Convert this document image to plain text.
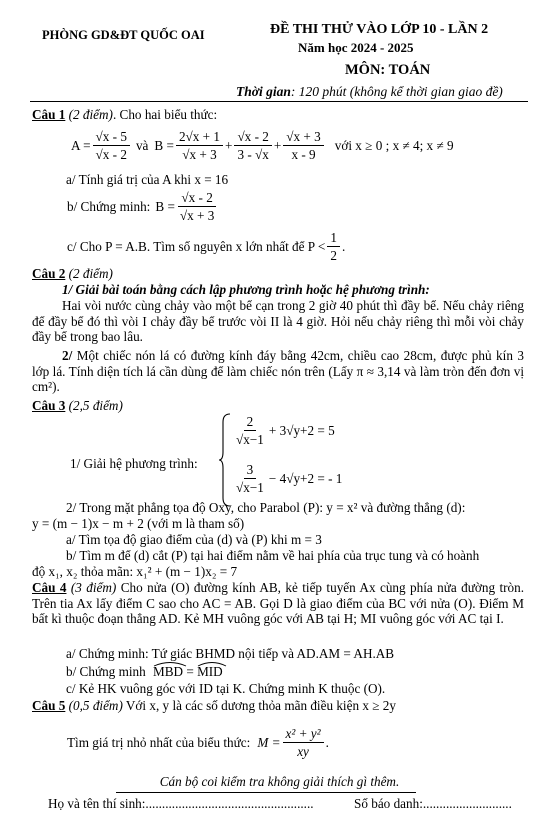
PHÒNG GD&ĐT QUỐC OAI	ĐỀ THI THỬ VÀO LỚP 10 - LẦN 2
Năm học 2024 - 2025
MÔN: TOÁN
Thời gian: 120 phút (không kể thời gian giao đề)
Câu 1 (2 điểm). Cho hai biểu thức:
$A = \frac{√x - 5}{√x - 2}$ và $B = \frac{2√x + 1}{√x + 3} + \frac{√x - 2}{3 - √x} + \frac{√x + 3}{x - 9}$ với x ≥ 0 ; x ≠ 4; x ≠ 9
a/ Tính giá trị của A khi x = 16
b/ Chứng minh: $B = \frac{√x - 2}{√x + 3}$
c/ Cho P = A.B. Tìm số nguyên x lớn nhất để $P < \frac{1}{2}$ .
Câu 2 (2 điểm)
1/ Giải bài toán bằng cách lập phương trình hoặc hệ phương trình:
Hai vòi nước cùng chảy vào một bể cạn trong 2 giờ 40 phút thì đầy bể. Nếu chảy riêng để đầy bể đó thì vòi I chảy đầy bể trước vòi II là 4 giờ. Hỏi nếu chảy riêng thì mỗi vòi chảy đầy bể trong bao lâu.
2/ Một chiếc nón lá có đường kính đáy bằng 42cm, chiều cao 28cm, được phủ kín 3 lớp lá. Tính diện tích lá cần dùng để làm chiếc nón trên (Lấy π ≈ 3,14 và làm tròn đến đơn vị cm²).
Câu 3 (2,5 điểm)
1/ Giải hệ phương trình:
$\frac{2}{√x-1} + 3√y+2 = 5$
$\frac{3}{√x-1} - 4√y+2$ = - 1
2/ Trong mặt phẳng tọa độ Oxy, cho Parabol (P): y = x² và đường thẳng (d):
y = (m − 1)x − m + 2 (với m là tham số)
a/ Tìm tọa độ giao điểm của (d) và (P) khi m = 3
b/ Tìm m để (d) cắt (P) tại hai điểm nằm về hai phía của trục tung và có hoành
độ x₁, x₂ thỏa mãn: x₁² + (m − 1)x₂ = 7
Câu 4 (3 điểm) Cho nửa (O) đường kính AB, kẻ tiếp tuyến Ax cùng phía nửa đường tròn. Trên tia Ax lấy điểm C sao cho AC = AB. Gọi D là giao điểm của BC với nửa (O). Điểm M bất kì thuộc đoạn thẳng AD. Kẻ MH vuông góc với AB tại H; MI vuông góc với AC tại I.
a/ Chứng minh: Tứ giác BHMD nội tiếp và AD.AM = AH.AB
b/ Chứng minh MBD = MID
c/ Kẻ HK vuông góc với ID tại K. Chứng minh K thuộc (O).
Câu 5 (0,5 điểm) Với x, y là các số dương thỏa mãn điều kiện x ≥ 2y
Tìm giá trị nhỏ nhất của biểu thức: $M = \frac{\text{x² + y²}}{xy}$ .
Cán bộ coi kiểm tra không giải thích gì thêm.
Họ và tên thí sinh:...................................................	Số báo danh:...........................
